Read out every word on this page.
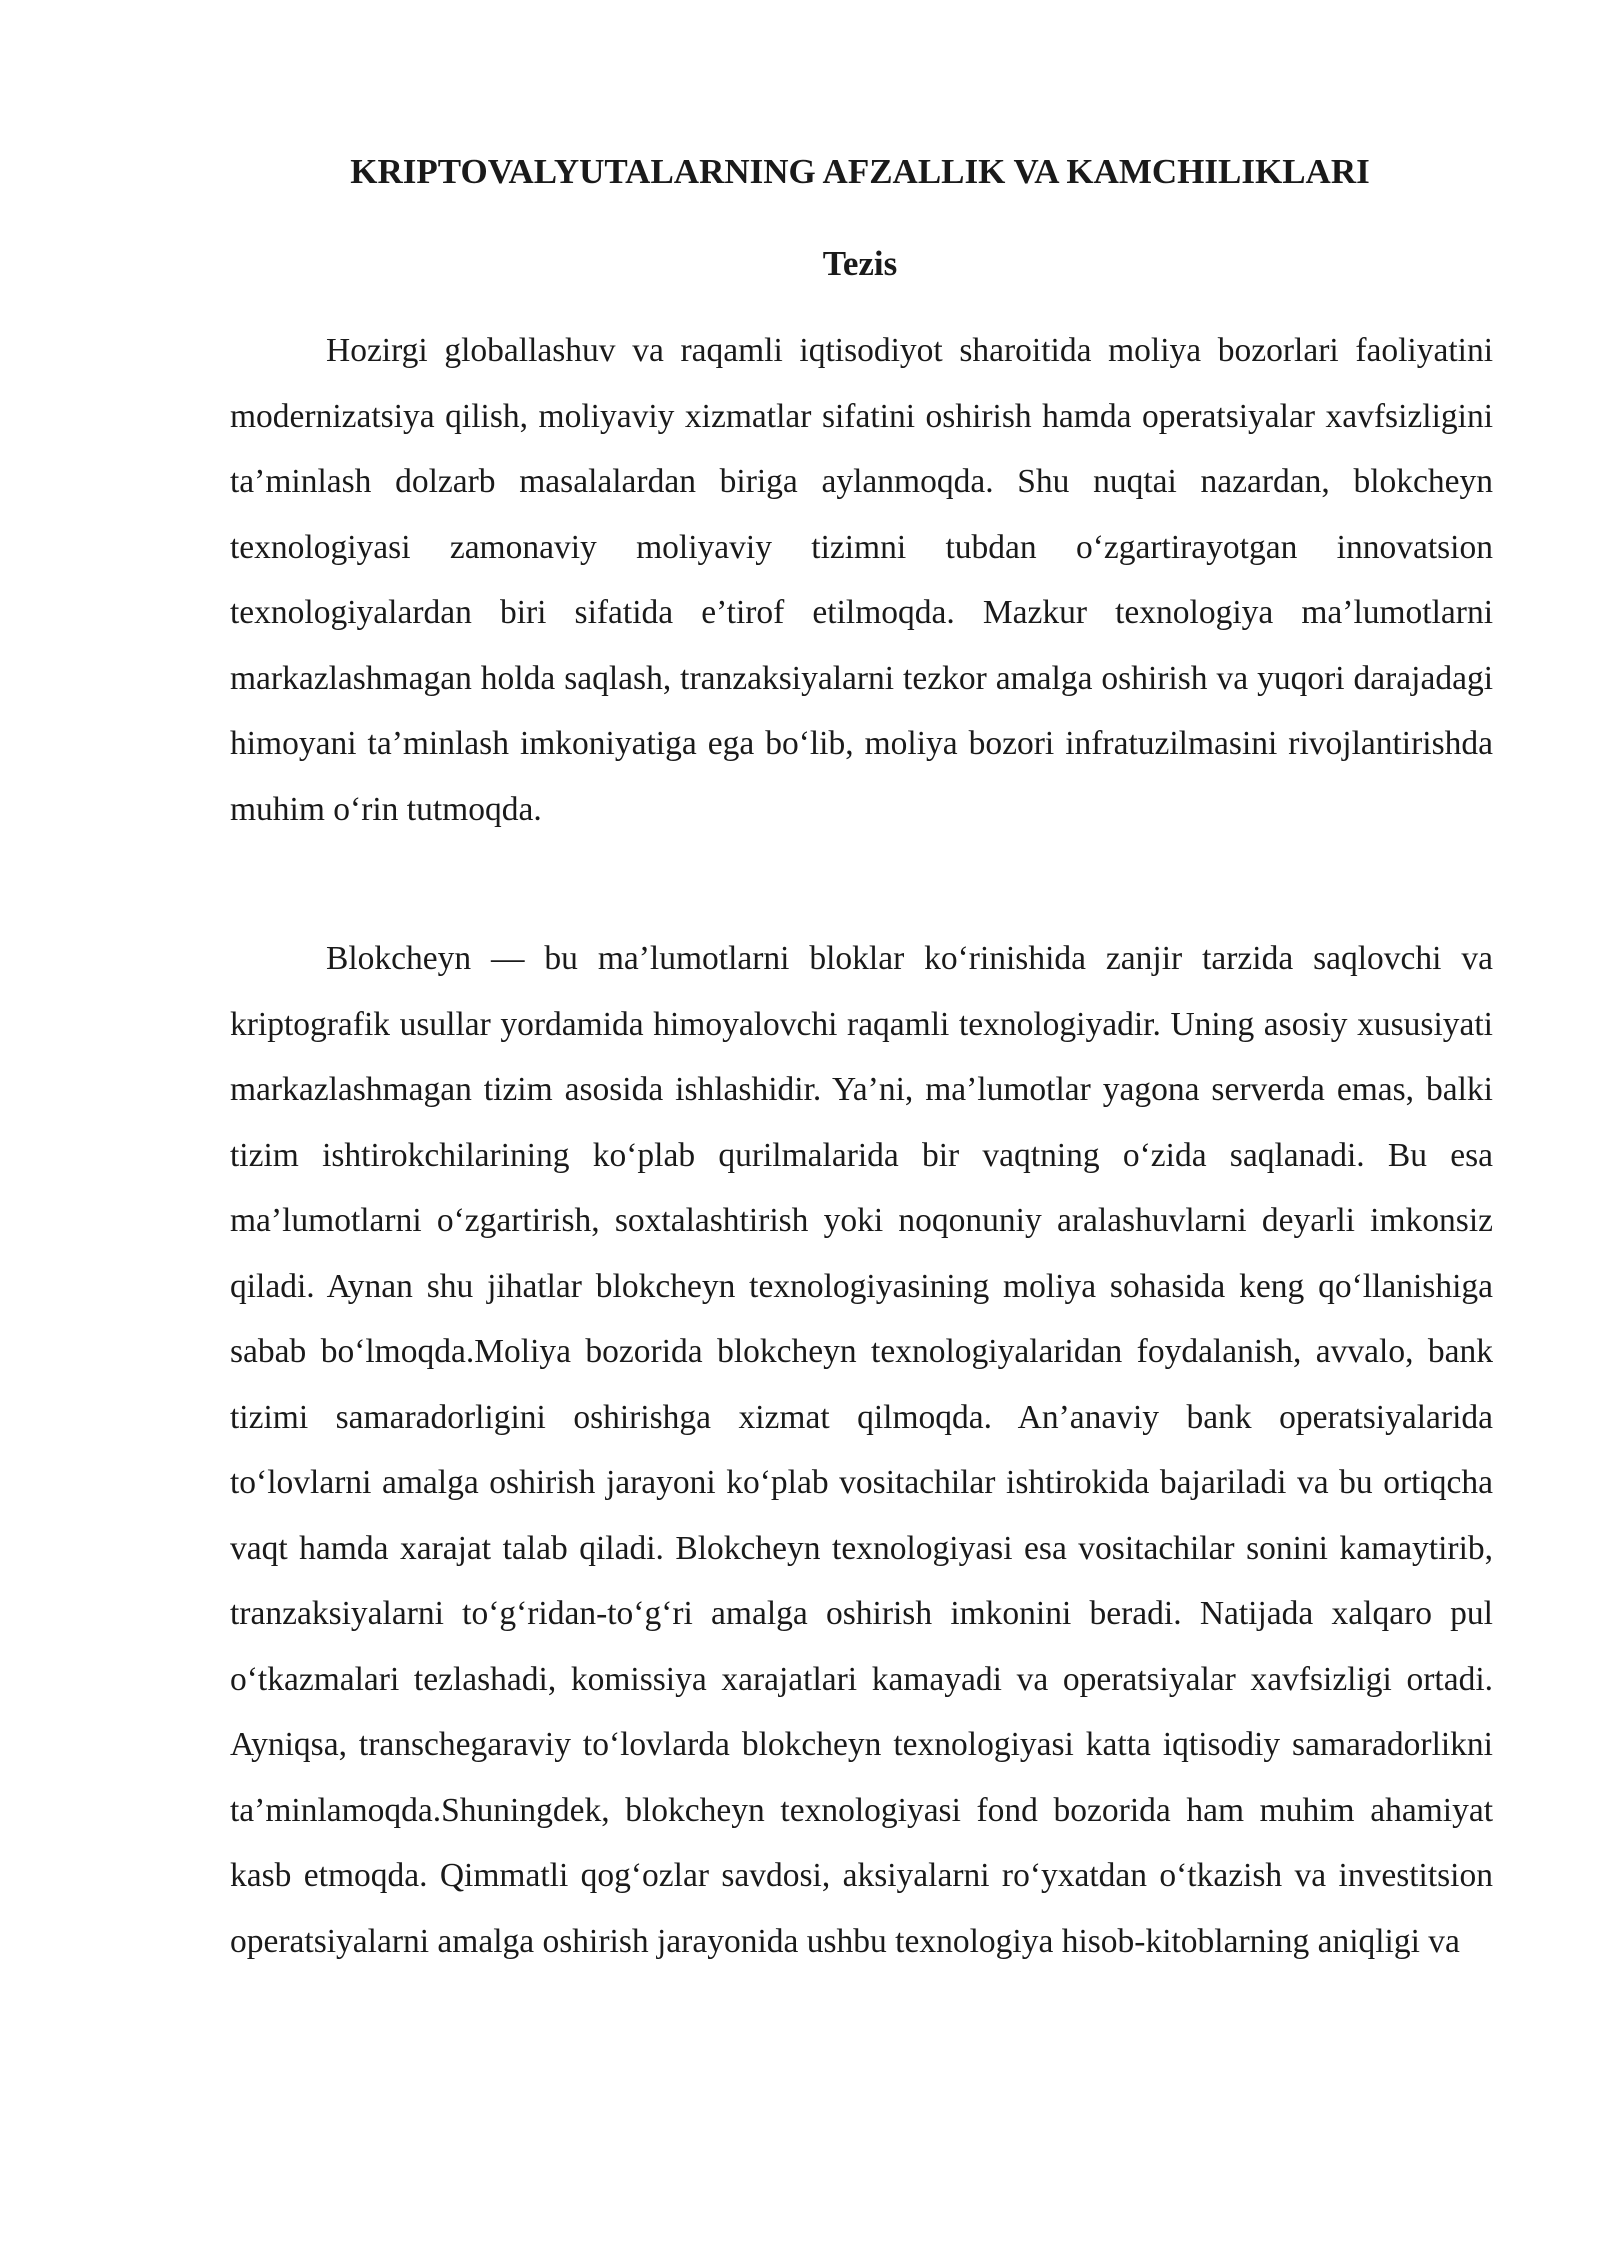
KRIPTOVALYUTALARNING AFZALLIK VA KAMCHILIKLARI
Tezis

Hozirgi globallashuv va raqamli iqtisodiyot sharoitida moliya bozorlari faoliyatini modernizatsiya qilish, moliyaviy xizmatlar sifatini oshirish hamda operatsiyalar xavfsizligini ta’minlash dolzarb masalalardan biriga aylanmoqda. Shu nuqtai nazardan, blokcheyn texnologiyasi zamonaviy moliyaviy tizimni tubdan o‘zgartirayotgan innovatsion texnologiyalardan biri sifatida e’tirof etilmoqda. Mazkur texnologiya ma’lumotlarni markazlashmagan holda saqlash, tranzaksiyalarni tezkor amalga oshirish va yuqori darajadagi himoyani ta’minlash imkoniyatiga ega bo‘lib, moliya bozori infratuzilmasini rivojlantirishda muhim o‘rin tutmoqda.

Blokcheyn — bu ma’lumotlarni bloklar ko‘rinishida zanjir tarzida saqlovchi va kriptografik usullar yordamida himoyalovchi raqamli texnologiyadir. Uning asosiy xususiyati markazlashmagan tizim asosida ishlashidir. Ya’ni, ma’lumotlar yagona serverda emas, balki tizim ishtirokchilarining ko‘plab qurilmalarida bir vaqtning o‘zida saqlanadi. Bu esa ma’lumotlarni o‘zgartirish, soxtalashtirish yoki noqonuniy aralashuvlarni deyarli imkonsiz qiladi. Aynan shu jihatlar blokcheyn texnologiyasining moliya sohasida keng qo‘llanishiga sabab bo‘lmoqda.Moliya bozorida blokcheyn texnologiyalaridan foydalanish, avvalo, bank tizimi samaradorligini oshirishga xizmat qilmoqda. An’anaviy bank operatsiyalarida to‘lovlarni amalga oshirish jarayoni ko‘plab vositachilar ishtirokida bajariladi va bu ortiqcha vaqt hamda xarajat talab qiladi. Blokcheyn texnologiyasi esa vositachilar sonini kamaytirib, tranzaksiyalarni to‘g‘ridan-to‘g‘ri amalga oshirish imkonini beradi. Natijada xalqaro pul o‘tkazmalari tezlashadi, komissiya xarajatlari kamayadi va operatsiyalar xavfsizligi ortadi. Ayniqsa, transchegaraviy to‘lovlarda blokcheyn texnologiyasi katta iqtisodiy samaradorlikni ta’minlamoqda.Shuningdek, blokcheyn texnologiyasi fond bozorida ham muhim ahamiyat kasb etmoqda. Qimmatli qog‘ozlar savdosi, aksiyalarni ro‘yxatdan o‘tkazish va investitsion operatsiyalarni amalga oshirish jarayonida ushbu texnologiya hisob-kitoblarning aniqligi va
